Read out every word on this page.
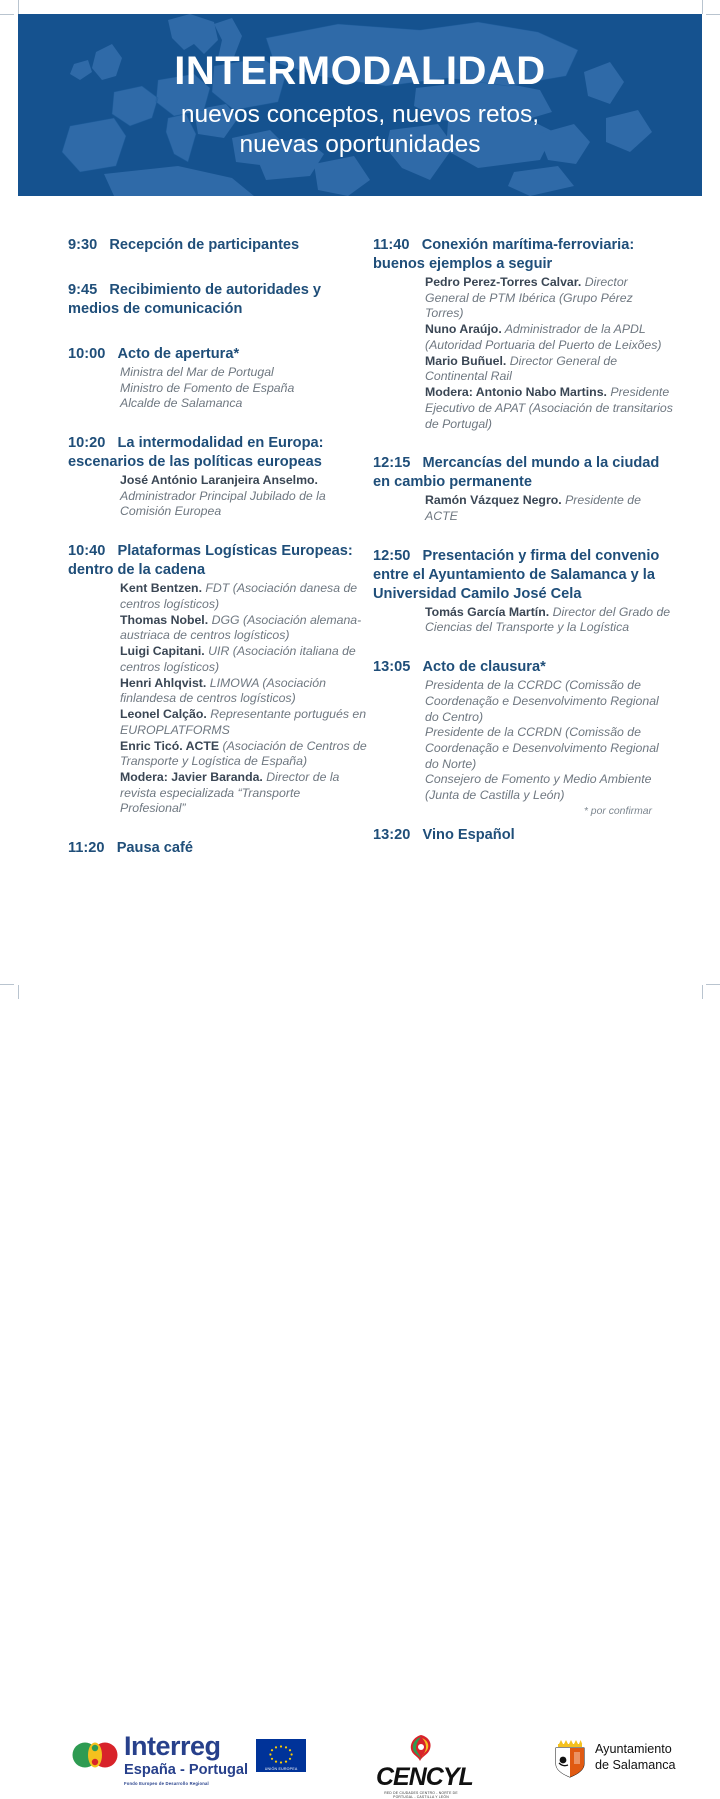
INTERMODALIDAD
nuevos conceptos, nuevos retos,
nuevas oportunidades
9:30 Recepción de participantes
9:45 Recibimiento de autoridades y medios de comunicación
10:00 Acto de apertura*

Ministra del Mar de Portugal

Ministro de Fomento de España

Alcalde de Salamanca

10:20 La intermodalidad en Europa: escenarios de las políticas europeas

José António Laranjeira Anselmo. Administrador Principal Jubilado de la Comisión Europea

10:40 Plataformas Logísticas Europeas: dentro de la cadena

Kent Bentzen. FDT (Asociación danesa de centros logísticos)

Thomas Nobel. DGG (Asociación alemana-austriaca de centros logísticos)

Luigi Capitani. UIR (Asociación italiana de centros logísticos)

Henri Ahlqvist. LIMOWA (Asociación finlandesa de centros logísticos)

Leonel Calção. Representante portugués en EUROPLATFORMS

Enric Ticó. ACTE (Asociación de Centros de Transporte y Logística de España)

Modera: Javier Baranda. Director de la revista especializada “Transporte Profesional”

11:20 Pausa café
11:40 Conexión marítima-ferroviaria: buenos ejemplos a seguir

Pedro Perez-Torres Calvar. Director General de PTM Ibérica (Grupo Pérez Torres)

Nuno Araújo. Administrador de la APDL (Autoridad Portuaria del Puerto de Leixões)

Mario Buñuel. Director General de Continental Rail

Modera: Antonio Nabo Martins. Presidente Ejecutivo de APAT (Asociación de transitarios de Portugal)

12:15 Mercancías del mundo a la ciudad en cambio permanente

Ramón Vázquez Negro. Presidente de ACTE

12:50 Presentación y firma del convenio entre el Ayuntamiento de Salamanca y la Universidad Camilo José Cela

Tomás García Martín. Director del Grado de Ciencias del Transporte y la Logística

13:05 Acto de clausura*

Presidenta de la CCRDC (Comissão de Coordenação e Desenvolvimento Regional do Centro)

Presidente de la CCRDN (Comissão de Coordenação e Desenvolvimento Regional do Norte)

Consejero de Fomento y Medio Ambiente (Junta de Castilla y León)

13:20 Vino Español
* por confirmar
Interreg
España - Portugal
Fondo Europeo de Desarrollo Regional
UNIÓN EUROPEA	CENCYL
RED DE CIUDADES CENTRO - NORTE DE PORTUGAL - CASTILLA Y LEÓN
Ayuntamiento
de Salamanca
